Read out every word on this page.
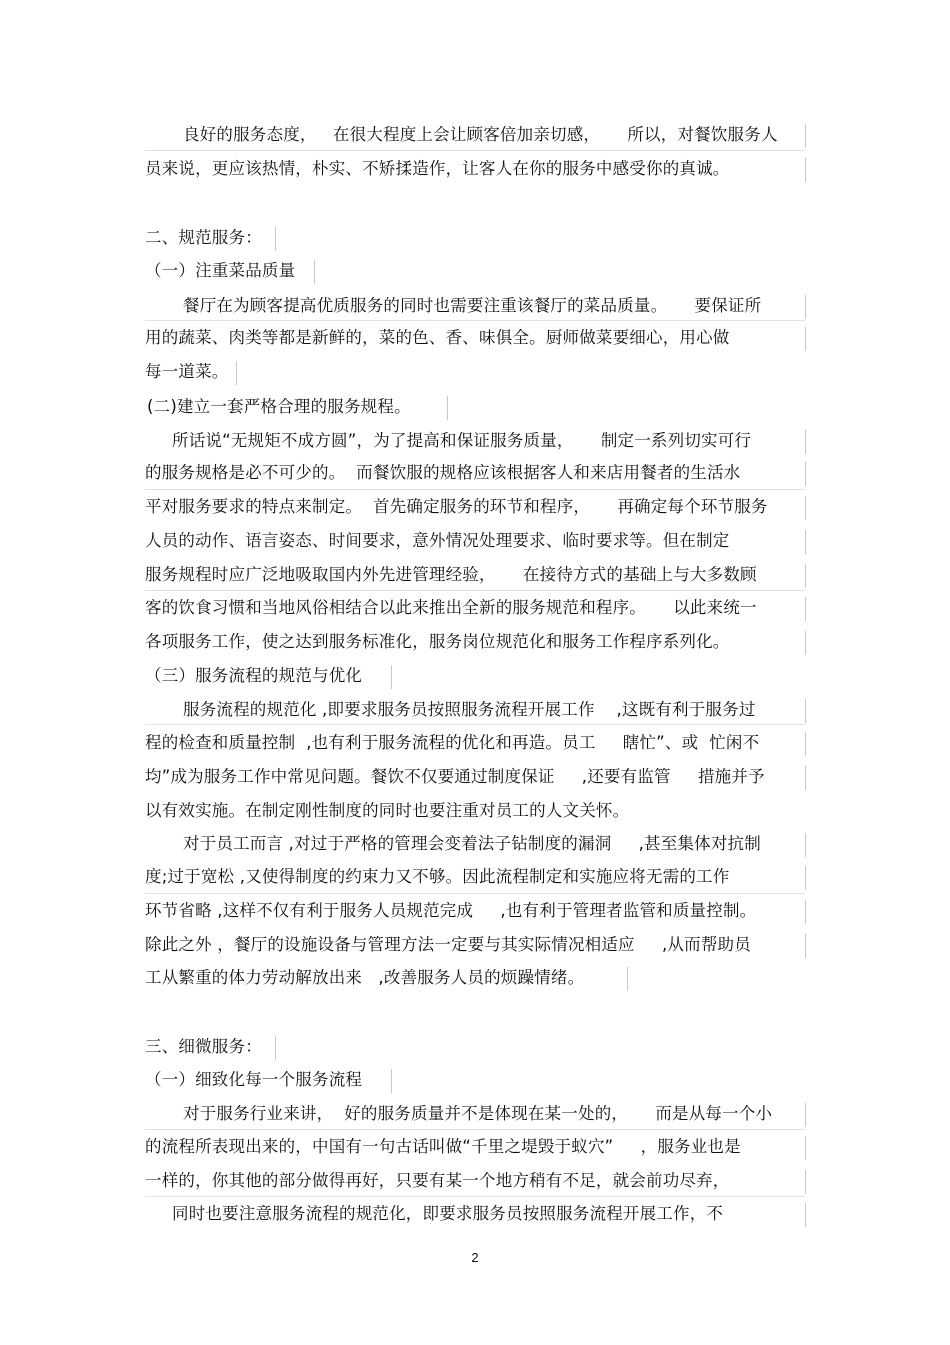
良好的服务态度，   在很大程度上会让顾客倍加亲切感，     所以，对餐饮服务人
员来说，更应该热情，朴实、不矫揉造作，让客人在你的服务中感受你的真诚。
二、规范服务：
（一）注重菜品质量
餐厅在为顾客提高优质服务的同时也需要注重该餐厅的菜品质量。     要保证所
用的蔬菜、肉类等都是新鲜的，菜的色、香、味俱全。厨师做菜要细心，用心做
每一道菜。
(二)建立一套严格合理的服务规程。
所话说“无规矩不成方圆”，为了提高和保证服务质量，     制定一系列切实可行
的服务规格是必不可少的。  而餐饮服的规格应该根据客人和来店用餐者的生活水
平对服务要求的特点来制定。  首先确定服务的环节和程序，     再确定每个环节服务
人员的动作、语言姿态、时间要求，意外情况处理要求、临时要求等。但在制定
服务规程时应广泛地吸取国内外先进管理经验，     在接待方式的基础上与大多数顾
客的饮食习惯和当地风俗相结合以此来推出全新的服务规范和程序。     以此来统一
各项服务工作，使之达到服务标准化，服务岗位规范化和服务工作程序系列化。
（三）服务流程的规范与优化
服务流程的规范化 ,即要求服务员按照服务流程开展工作    ,这既有利于服务过
程的检查和质量控制  ,也有利于服务流程的优化和再造。员工     瞎忙”、或  忙闲不
均”成为服务工作中常见问题。餐饮不仅要通过制度保证     ,还要有监管     措施并予
以有效实施。在制定刚性制度的同时也要注重对员工的人文关怀。
对于员工而言 ,对过于严格的管理会变着法子钻制度的漏洞     ,甚至集体对抗制
度;过于宽松 ,又使得制度的约束力又不够。因此流程制定和实施应将无需的工作
环节省略 ,这样不仅有利于服务人员规范完成     ,也有利于管理者监管和质量控制。
除此之外 ，餐厅的设施设备与管理方法一定要与其实际情况相适应     ,从而帮助员
工从繁重的体力劳动解放出来   ,改善服务人员的烦躁情绪。
三、细微服务：
（一）细致化每一个服务流程
对于服务行业来讲，  好的服务质量并不是体现在某一处的，     而是从每一个小
的流程所表现出来的，中国有一句古话叫做“千里之堤毁于蚁穴”     ，服务业也是
一样的，你其他的部分做得再好，只要有某一个地方稍有不足，就会前功尽弃，
同时也要注意服务流程的规范化，即要求服务员按照服务流程开展工作，不
2
